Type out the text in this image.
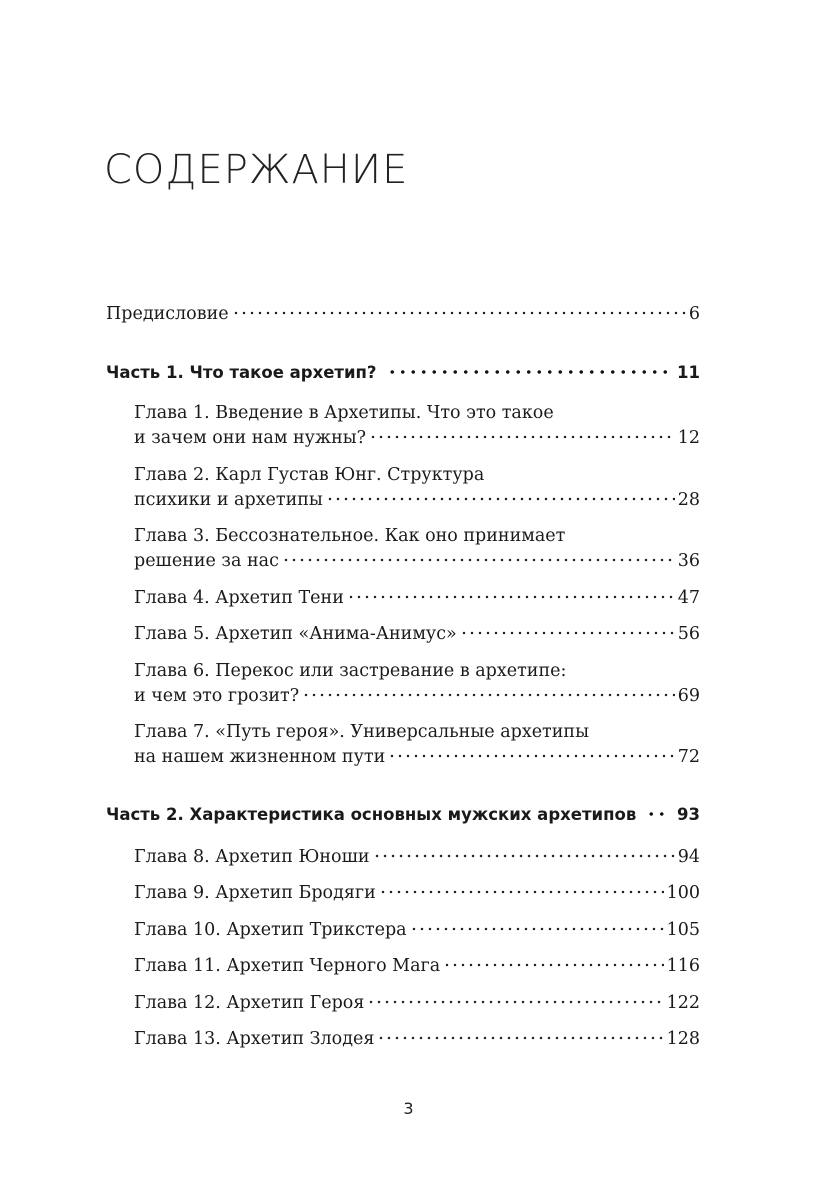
СОДЕРЖАНИЕ
Предисловие	6
Часть 1. Что такое архетип?	11
Глава 1. Введение в Архетипы. Что это такое
и зачем они нам нужны?	12
Глава 2. Карл Густав Юнг. Структура
психики и архетипы	28
Глава 3. Бессознательное. Как оно принимает
решение за нас	36
Глава 4. Архетип Тени	47
Глава 5. Архетип «Анима-Анимус»	56
Глава 6. Перекос или застревание в архетипе:
и чем это грозит?	69
Глава 7. «Путь героя». Универсальные архетипы
на нашем жизненном пути	72
Часть 2. Характеристика основных мужских архетипов 93
Глава 8. Архетип Юноши	94
Глава 9. Архетип Бродяги	100
Глава 10. Архетип Трикстера	105
Глава 11. Архетип Черного Мага	116
Глава 12. Архетип Героя	122
Глава 13. Архетип Злодея	128
3
